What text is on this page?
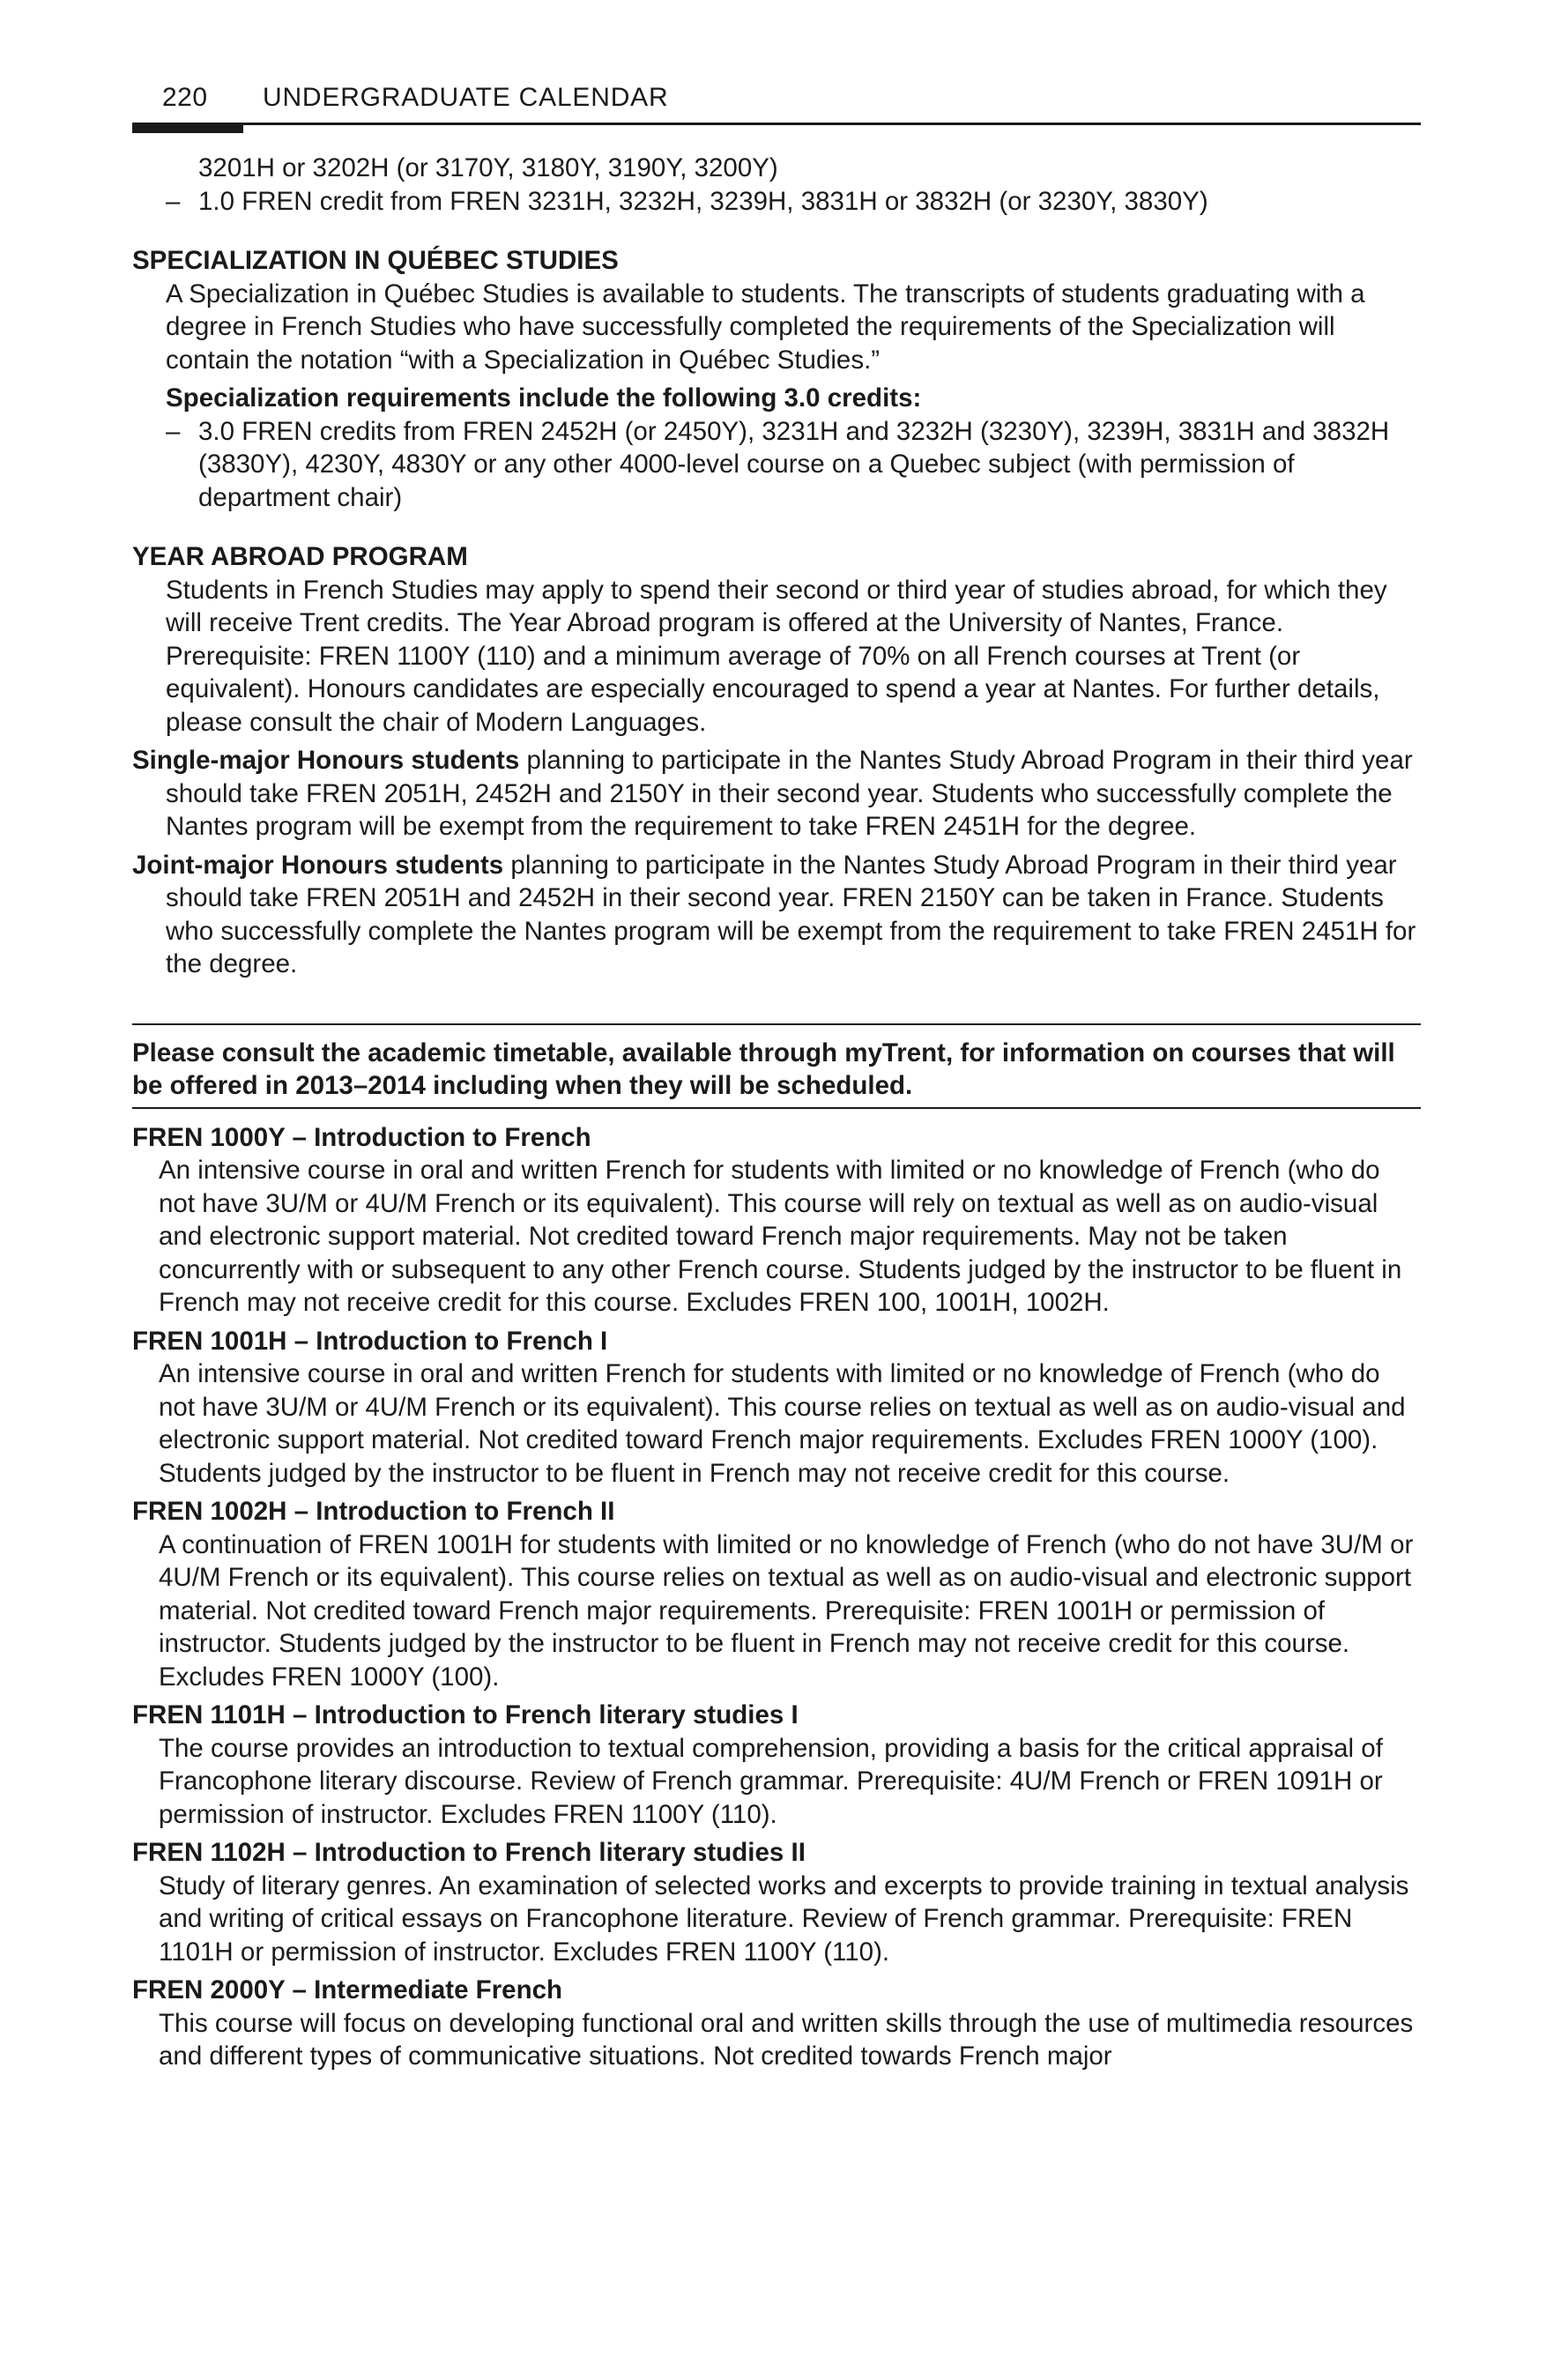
220 UNDERGRADUATE CALENDAR

3201H or 3202H (or 3170Y, 3180Y, 3190Y, 3200Y)

– 1.0 FREN credit from FREN 3231H, 3232H, 3239H, 3831H or 3832H (or 3230Y, 3830Y)

SPECIALIZATION IN QUÉBEC STUDIES

A Specialization in Québec Studies is available to students. The transcripts of students graduating with a degree in French Studies who have successfully completed the requirements of the Specialization will contain the notation “with a Specialization in Québec Studies.”

Specialization requirements include the following 3.0 credits:

– 3.0 FREN credits from FREN 2452H (or 2450Y), 3231H and 3232H (3230Y), 3239H, 3831H and 3832H (3830Y), 4230Y, 4830Y or any other 4000-level course on a Quebec subject (with permission of department chair)

YEAR ABROAD PROGRAM

Students in French Studies may apply to spend their second or third year of studies abroad, for which they will receive Trent credits. The Year Abroad program is offered at the University of Nantes, France. Prerequisite: FREN 1100Y (110) and a minimum average of 70% on all French courses at Trent (or equivalent). Honours candidates are especially encouraged to spend a year at Nantes. For further details, please consult the chair of Modern Languages.

Single-major Honours students planning to participate in the Nantes Study Abroad Program in their third year should take FREN 2051H, 2452H and 2150Y in their second year. Students who successfully complete the Nantes program will be exempt from the requirement to take FREN 2451H for the degree.

Joint-major Honours students planning to participate in the Nantes Study Abroad Program in their third year should take FREN 2051H and 2452H in their second year. FREN 2150Y can be taken in France. Students who successfully complete the Nantes program will be exempt from the requirement to take FREN 2451H for the degree.

Please consult the academic timetable, available through myTrent, for information on courses that will be offered in 2013–2014 including when they will be scheduled.

FREN 1000Y – Introduction to French

An intensive course in oral and written French for students with limited or no knowledge of French (who do not have 3U/M or 4U/M French or its equivalent). This course will rely on textual as well as on audio-visual and electronic support material. Not credited toward French major requirements. May not be taken concurrently with or subsequent to any other French course. Students judged by the instructor to be fluent in French may not receive credit for this course. Excludes FREN 100, 1001H, 1002H.

FREN 1001H – Introduction to French I

An intensive course in oral and written French for students with limited or no knowledge of French (who do not have 3U/M or 4U/M French or its equivalent). This course relies on textual as well as on audio-visual and electronic support material. Not credited toward French major requirements. Excludes FREN 1000Y (100). Students judged by the instructor to be fluent in French may not receive credit for this course.

FREN 1002H – Introduction to French II

A continuation of FREN 1001H for students with limited or no knowledge of French (who do not have 3U/M or 4U/M French or its equivalent). This course relies on textual as well as on audio-visual and electronic support material. Not credited toward French major requirements. Prerequisite: FREN 1001H or permission of instructor. Students judged by the instructor to be fluent in French may not receive credit for this course. Excludes FREN 1000Y (100).

FREN 1101H – Introduction to French literary studies I

The course provides an introduction to textual comprehension, providing a basis for the critical appraisal of Francophone literary discourse. Review of French grammar. Prerequisite: 4U/M French or FREN 1091H or permission of instructor. Excludes FREN 1100Y (110).

FREN 1102H – Introduction to French literary studies II

Study of literary genres. An examination of selected works and excerpts to provide training in textual analysis and writing of critical essays on Francophone literature. Review of French grammar. Prerequisite: FREN 1101H or permission of instructor. Excludes FREN 1100Y (110).

FREN 2000Y – Intermediate French

This course will focus on developing functional oral and written skills through the use of multimedia resources and different types of communicative situations. Not credited towards French major
